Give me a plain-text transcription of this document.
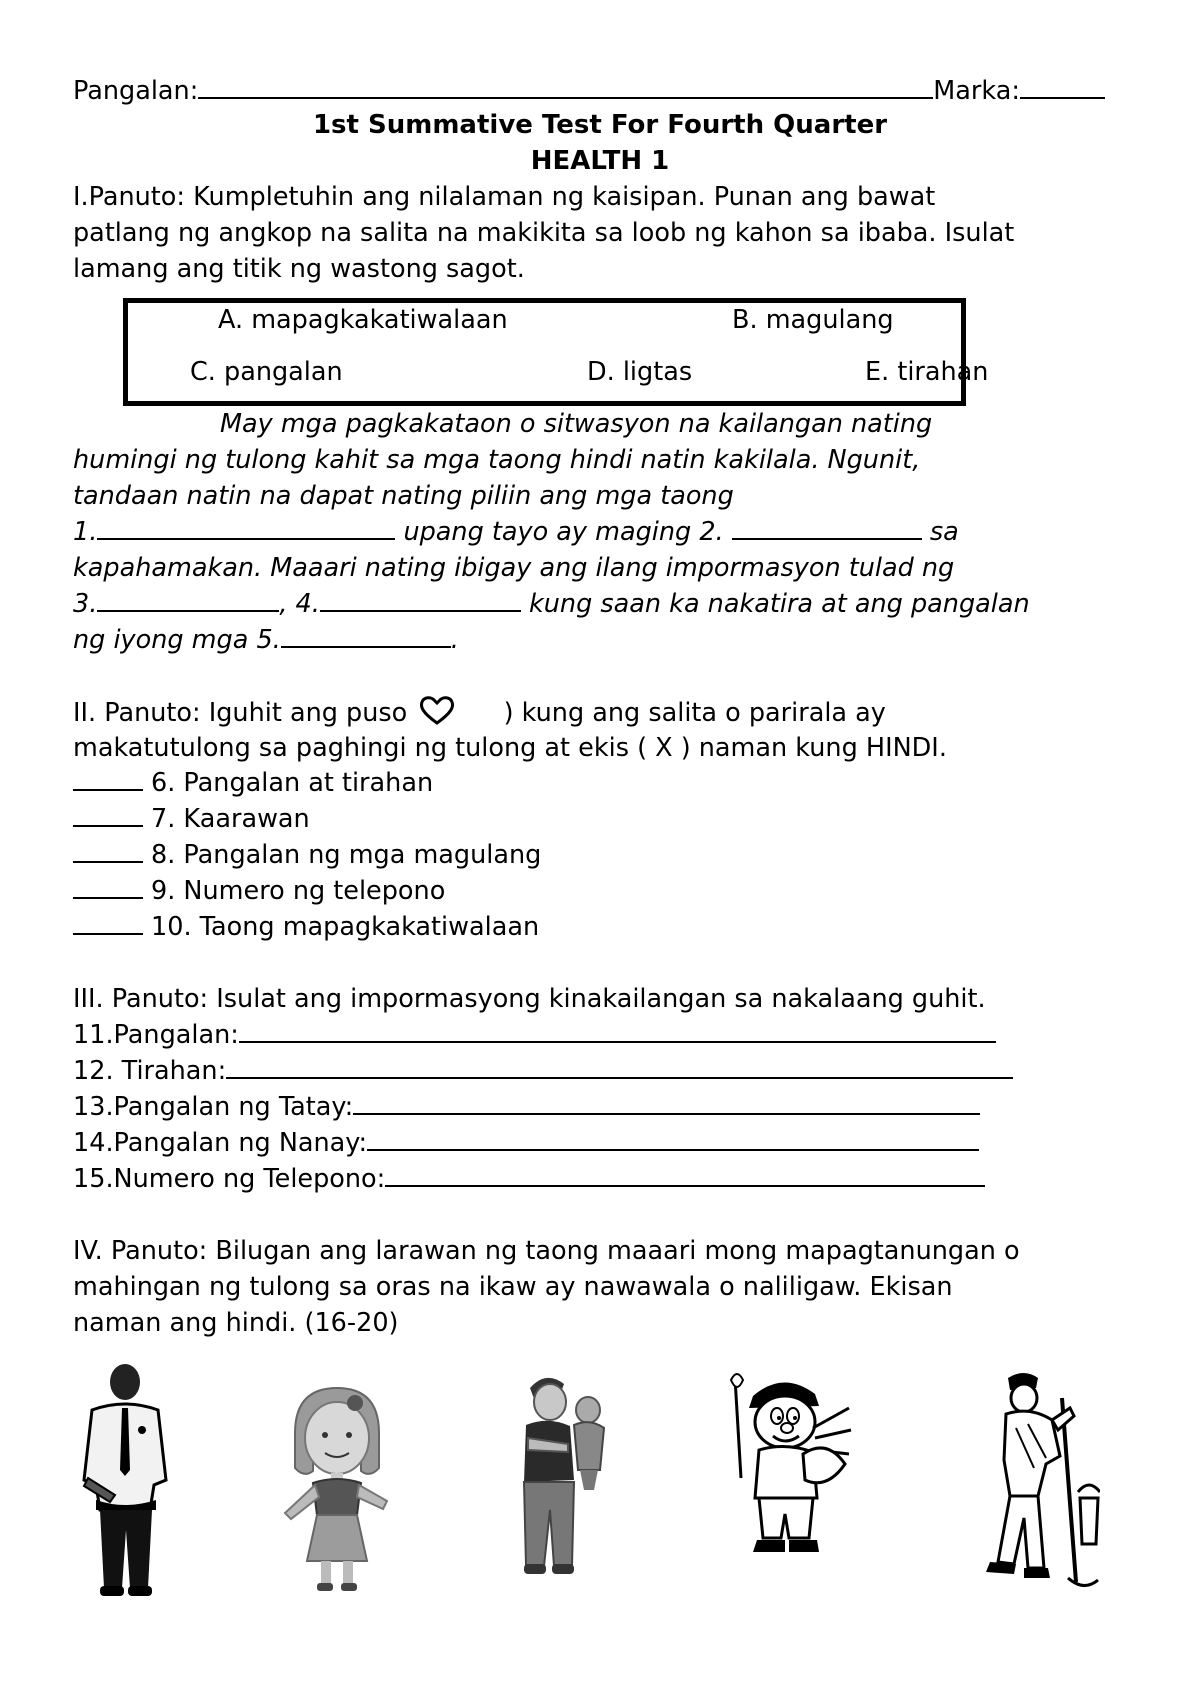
Pangalan:	Marka:
1st Summative Test For Fourth Quarter
HEALTH 1
I.Panuto: Kumpletuhin ang nilalaman ng kaisipan. Punan ang bawat
patlang ng angkop na salita na makikita sa loob ng kahon sa ibaba. Isulat
lamang ang titik ng wastong sagot.
A. mapagkakatiwalaan	B. magulang
C. pangalan	D. ligtas	E. tirahan
May mga pagkakataon o sitwasyon na kailangan nating
humingi ng tulong kahit sa mga taong hindi natin kakilala. Ngunit,
tandaan natin na dapat nating piliin ang mga taong
1.	upang tayo ay maging 2.	sa
kapahamakan. Maaari nating ibigay ang ilang impormasyon tulad ng
3.	, 4.	kung saan ka nakatira at ang pangalan
ng iyong mga 5.	.
II. Panuto: Iguhit ang puso	) kung ang salita o parirala ay
makatutulong sa paghingi ng tulong at ekis ( X ) naman kung HINDI.
6. Pangalan at tirahan
7. Kaarawan
8. Pangalan ng mga magulang
9. Numero ng telepono
10. Taong mapagkakatiwalaan
III. Panuto: Isulat ang impormasyong kinakailangan sa nakalaang guhit.
11.Pangalan:
12. Tirahan:
13.Pangalan ng Tatay:
14.Pangalan ng Nanay:
15.Numero ng Telepono:
IV. Panuto: Bilugan ang larawan ng taong maaari mong mapagtanungan o
mahingan ng tulong sa oras na ikaw ay nawawala o naliligaw. Ekisan
naman ang hindi. (16-20)
